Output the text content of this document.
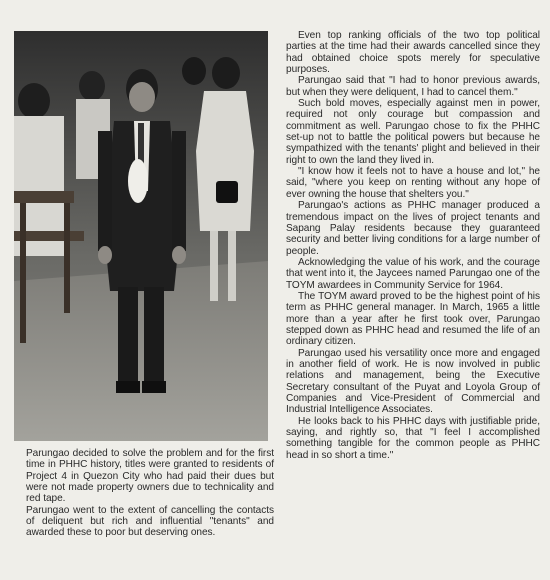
Parungao decided to solve the problem and for the first time in PHHC history, titles were granted to residents of Project 4 in Quezon City who had paid their dues but were not made property owners due to technicality and red tape.

Parungao went to the extent of cancelling the contacts of deliquent but rich and influential "tenants" and awarded these to poor but deserving ones.

Even top ranking officials of the two top political parties at the time had their awards cancelled since they had obtained choice spots merely for speculative purposes.

Parungao said that "I had to honor previous awards, but when they were deliquent, I had to cancel them."

Such bold moves, especially against men in power, required not only courage but compassion and commitment as well. Parungao chose to fix the PHHC set-up not to battle the political powers but because he sympathized with the tenants' plight and believed in their right to own the land they lived in.

"I know how it feels not to have a house and lot," he said, "where you keep on renting without any hope of ever owning the house that shelters you."

Parungao's actions as PHHC manager produced a tremendous impact on the lives of project tenants and Sapang Palay residents because they guaranteed security and better living conditions for a large number of people.

Acknowledging the value of his work, and the courage that went into it, the Jaycees named Parungao one of the TOYM awardees in Community Service for 1964.

The TOYM award proved to be the highest point of his term as PHHC general manager. In March, 1965 a little more than a year after he first took over, Parungao stepped down as PHHC head and resumed the life of an ordinary citizen.

Parungao used his versatility once more and engaged in another field of work. He is now involved in public relations and management, being the Executive Secretary consultant of the Puyat and Loyola Group of Companies and Vice-President of Commercial and Industrial Intelligence Associates.

He looks back to his PHHC days with justifiable pride, saying, and rightly so, that "I feel I accomplished something tangible for the common people as PHHC head in so short a time."
